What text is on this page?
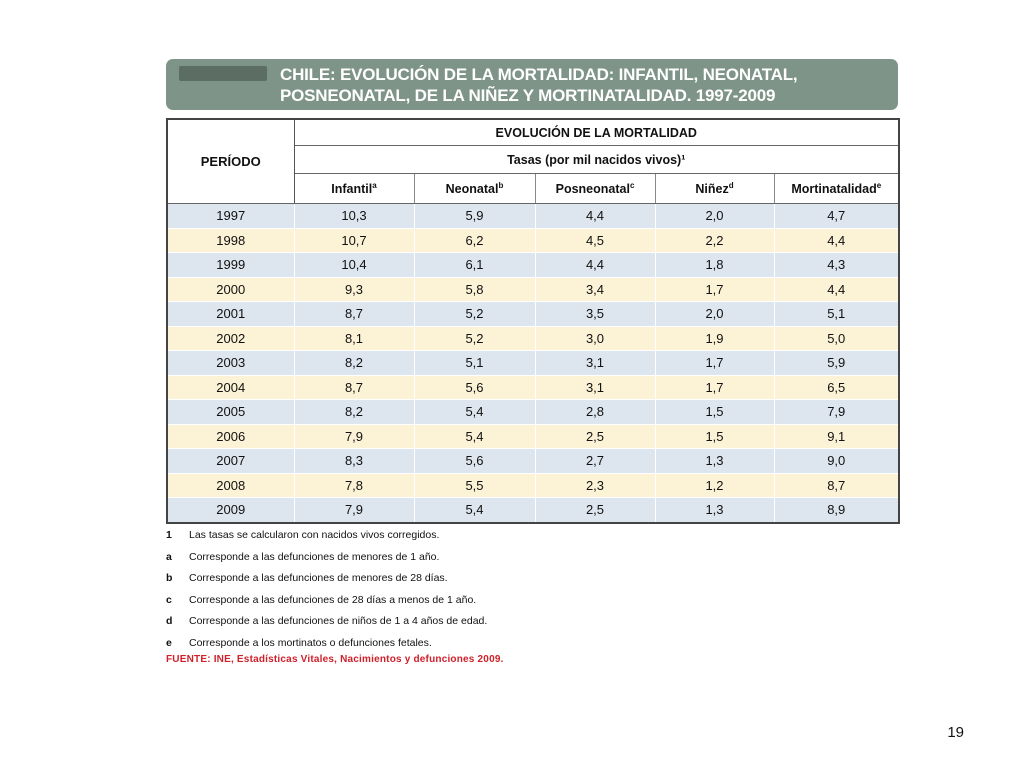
CHILE: EVOLUCIÓN DE LA MORTALIDAD: INFANTIL, NEONATAL,
POSNEONATAL, DE LA NIÑEZ Y MORTINATALIDAD. 1997-2009
PERÍODO	EVOLUCIÓN DE LA MORTALIDAD				
	Tasas (por mil nacidos vivos)¹				
	Infantil$^a$	Neonatal$^b$	Posneonatal$^c$	Niñez$^d$	Mortinatalidad$^e$
1997	10,3	5,9	4,4	2,0	4,7
1998	10,7	6,2	4,5	2,2	4,4
1999	10,4	6,1	4,4	1,8	4,3
2000	9,3	5,8	3,4	1,7	4,4
2001	8,7	5,2	3,5	2,0	5,1
2002	8,1	5,2	3,0	1,9	5,0
2003	8,2	5,1	3,1	1,7	5,9
2004	8,7	5,6	3,1	1,7	6,5
2005	8,2	5,4	2,8	1,5	7,9
2006	7,9	5,4	2,5	1,5	9,1
2007	8,3	5,6	2,7	1,3	9,0
2008	7,8	5,5	2,3	1,2	8,7
2009	7,9	5,4	2,5	1,3	8,9
1	Las tasas se calcularon con nacidos vivos corregidos.
a	Corresponde a las defunciones de menores de 1 año.
b	Corresponde a las defunciones de menores de 28 días.
c	Corresponde a las defunciones de 28 días a menos de 1 año.
d	Corresponde a las defunciones de niños de 1 a 4 años de edad.
e	Corresponde a los mortinatos o defunciones fetales.
FUENTE: INE, Estadísticas Vitales, Nacimientos y defunciones 2009.
19
